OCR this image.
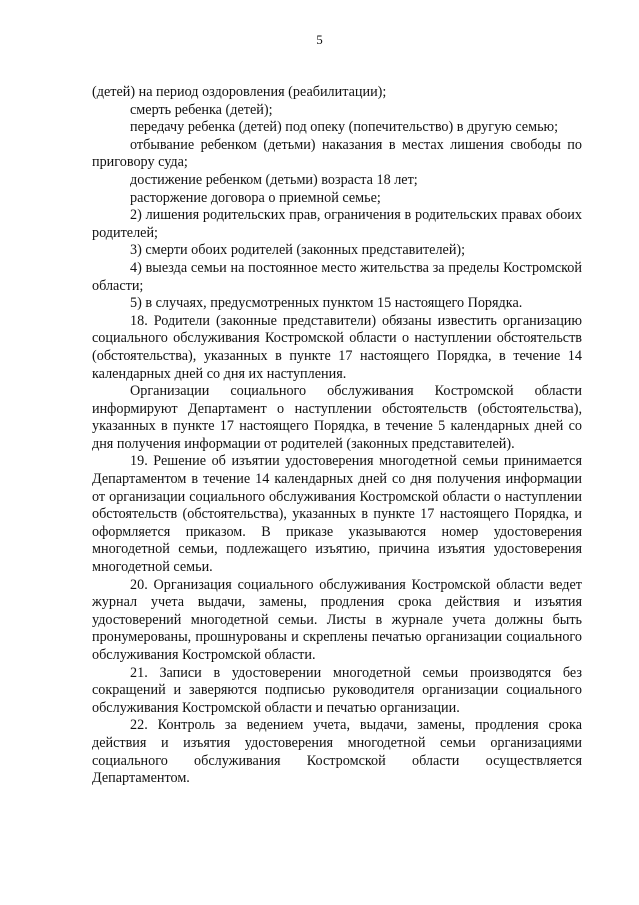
5

(детей) на период оздоровления (реабилитации);

смерть ребенка (детей);

передачу ребенка (детей) под опеку (попечительство) в другую семью;

отбывание ребенком (детьми) наказания в местах лишения свободы по приговору суда;

достижение ребенком (детьми) возраста 18 лет;

расторжение договора о приемной семье;

2) лишения родительских прав, ограничения в родительских правах обоих родителей;

3) смерти обоих родителей (законных представителей);

4) выезда семьи на постоянное место жительства за пределы Костромской области;

5) в случаях, предусмотренных пунктом 15 настоящего Порядка.

18. Родители (законные представители) обязаны известить организацию социального обслуживания Костромской области о наступлении обстоятельств (обстоятельства), указанных в пункте 17 настоящего Порядка, в течение 14 календарных дней со дня их наступления.

Организации социального обслуживания Костромской области информируют Департамент о наступлении обстоятельств (обстоятельства), указанных в пункте 17 настоящего Порядка, в течение 5 календарных дней со дня получения информации от родителей (законных представителей).

19. Решение об изъятии удостоверения многодетной семьи принимается Департаментом в течение 14 календарных дней со дня получения информации от организации социального обслуживания Костромской области о наступлении обстоятельств (обстоятельства), указанных в пункте 17 настоящего Порядка, и оформляется приказом. В приказе указываются номер удостоверения многодетной семьи, подлежащего изъятию, причина изъятия удостоверения многодетной семьи.

20. Организация социального обслуживания Костромской области ведет журнал учета выдачи, замены, продления срока действия и изъятия удостоверений многодетной семьи. Листы в журнале учета должны быть пронумерованы, прошнурованы и скреплены печатью организации социального обслуживания Костромской области.

21. Записи в удостоверении многодетной семьи производятся без сокращений и заверяются подписью руководителя организации социального обслуживания Костромской области и печатью организации.

22. Контроль за ведением учета, выдачи, замены, продления срока действия и изъятия удостоверения многодетной семьи организациями социального обслуживания Костромской области осуществляется Департаментом.
